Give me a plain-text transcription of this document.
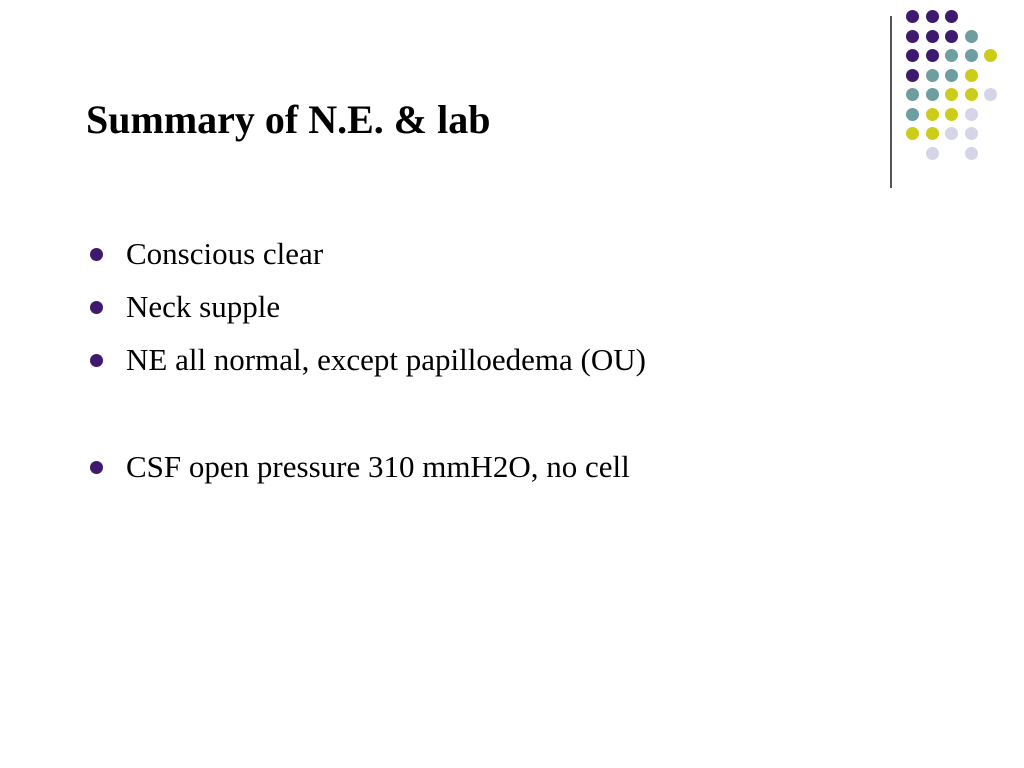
Summary of N.E. & lab
Conscious clear
Neck supple
NE all normal, except papilloedema (OU)
CSF open pressure 310 mmH2O, no cell
